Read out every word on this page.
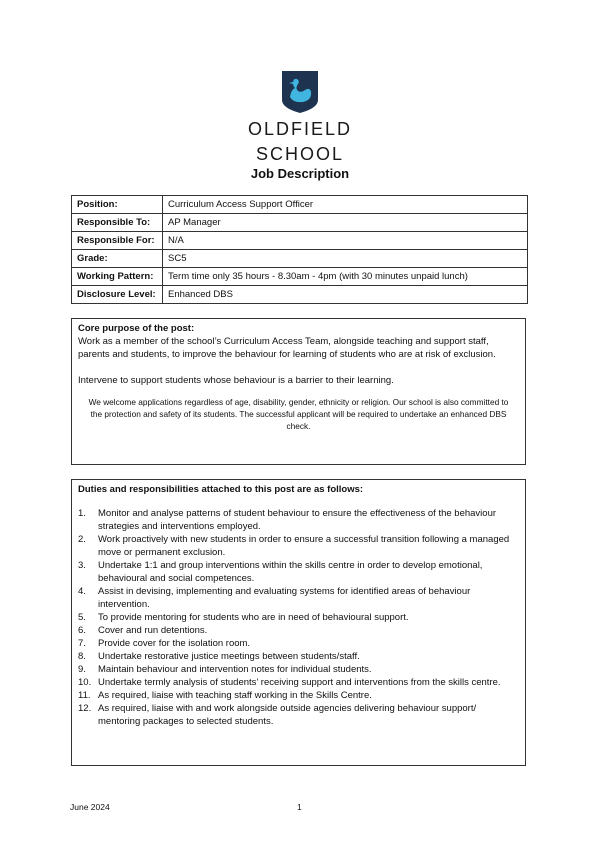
OLDFIELD
SCHOOL
Job Description
Position:	Curriculum Access Support Officer
Responsible To:	AP Manager
Responsible For:	N/A
Grade:	SC5
Working Pattern:	Term time only 35 hours - 8.30am - 4pm (with 30 minutes unpaid lunch)
Disclosure Level:	Enhanced DBS
Core purpose of the post:

Work as a member of the school’s Curriculum Access Team, alongside teaching and support staff, parents and students, to improve the behaviour for learning of students who are at risk of exclusion.

Intervene to support students whose behaviour is a barrier to their learning.

We welcome applications regardless of age, disability, gender, ethnicity or religion. Our school is also committed to the protection and safety of its students. The successful applicant will be required to undertake an enhanced DBS check.

Duties and responsibilities attached to this post are as follows:
1. Monitor and analyse patterns of student behaviour to ensure the effectiveness of the behaviour strategies and interventions employed.
2. Work proactively with new students in order to ensure a successful transition following a managed move or permanent exclusion.
3. Undertake 1:1 and group interventions within the skills centre in order to develop emotional, behavioural and social competences.
4. Assist in devising, implementing and evaluating systems for identified areas of behaviour intervention.
5. To provide mentoring for students who are in need of behavioural support.
6. Cover and run detentions.
7. Provide cover for the isolation room.
8. Undertake restorative justice meetings between students/staff.
9. Maintain behaviour and intervention notes for individual students.
10. Undertake termly analysis of students’ receiving support and interventions from the skills centre.
11. As required, liaise with teaching staff working in the Skills Centre.
12. As required, liaise with and work alongside outside agencies delivering behaviour support/ mentoring packages to selected students.
June 2024	1
